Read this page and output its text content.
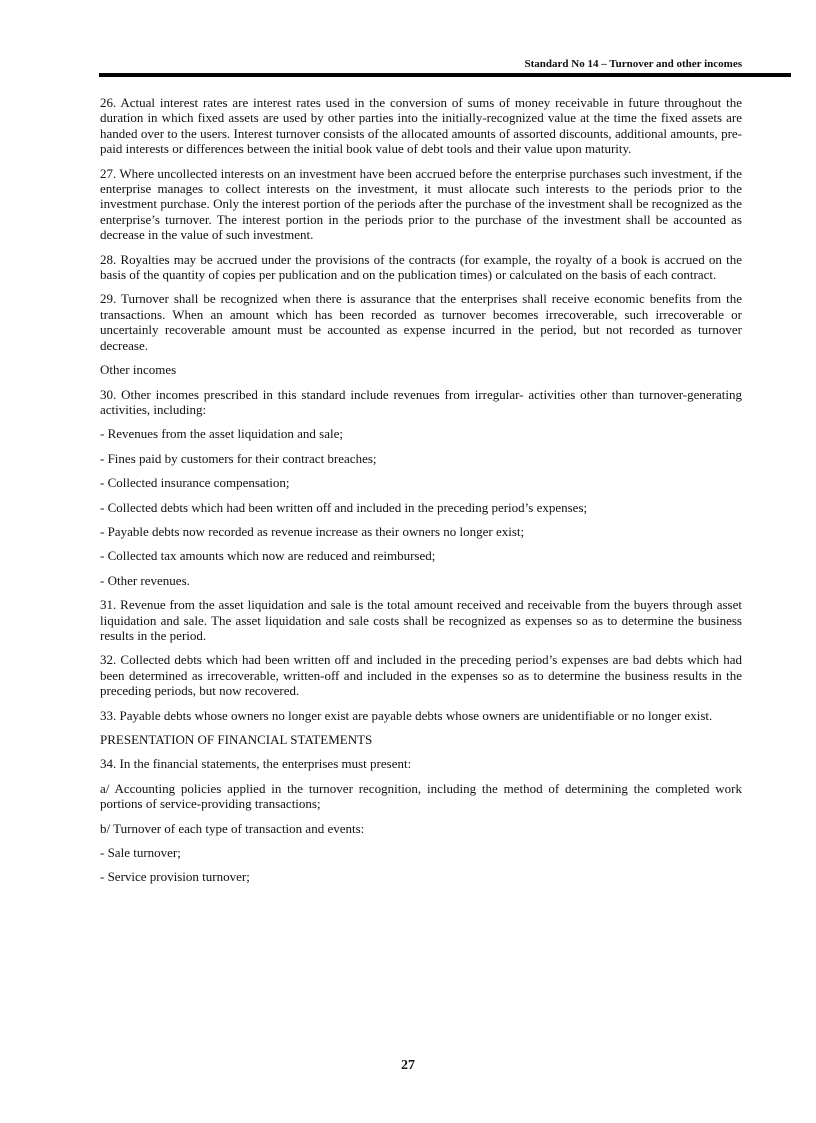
Standard No 14 – Turnover and other incomes

26. Actual interest rates are interest rates used in the conversion of sums of money receivable in future throughout the duration in which fixed assets are used by other parties into the initially-recognized value at the time the fixed assets are handed over to the users. Interest turnover consists of the allocated amounts of assorted discounts, additional amounts, pre-paid interests or differences between the initial book value of debt tools and their value upon maturity.

27. Where uncollected interests on an investment have been accrued before the enterprise purchases such investment, if the enterprise manages to collect interests on the investment, it must allocate such interests to the periods prior to the investment purchase. Only the interest portion of the periods after the purchase of the investment shall be recognized as the enterprise’s turnover. The interest portion in the periods prior to the purchase of the investment shall be accounted as decrease in the value of such investment.

28. Royalties may be accrued under the provisions of the contracts (for example, the royalty of a book is accrued on the basis of the quantity of copies per publication and on the publication times) or calculated on the basis of each contract.

29. Turnover shall be recognized when there is assurance that the enterprises shall receive economic benefits from the transactions. When an amount which has been recorded as turnover becomes irrecoverable, such irrecoverable or uncertainly recoverable amount must be accounted as expense incurred in the period, but not recorded as turnover decrease.

Other incomes

30. Other incomes prescribed in this standard include revenues from irregular- activities other than turnover-generating activities, including:

- Revenues from the asset liquidation and sale;

- Fines paid by customers for their contract breaches;

- Collected insurance compensation;

- Collected debts which had been written off and included in the preceding period’s expenses;

- Payable debts now recorded as revenue increase as their owners no longer exist;

- Collected tax amounts which now are reduced and reimbursed;

- Other revenues.

31. Revenue from the asset liquidation and sale is the total amount received and receivable from the buyers through asset liquidation and sale. The asset liquidation and sale costs shall be recognized as expenses so as to determine the business results in the period.

32. Collected debts which had been written off and included in the preceding period’s expenses are bad debts which had been determined as irrecoverable, written-off and included in the expenses so as to determine the business results in the preceding periods, but now recovered.

33. Payable debts whose owners no longer exist are payable debts whose owners are unidentifiable or no longer exist.

PRESENTATION OF FINANCIAL STATEMENTS

34. In the financial statements, the enterprises must present:

a/ Accounting policies applied in the turnover recognition, including the method of determining the completed work portions of service-providing transactions;

b/ Turnover of each type of transaction and events:

- Sale turnover;

- Service provision turnover;

27
